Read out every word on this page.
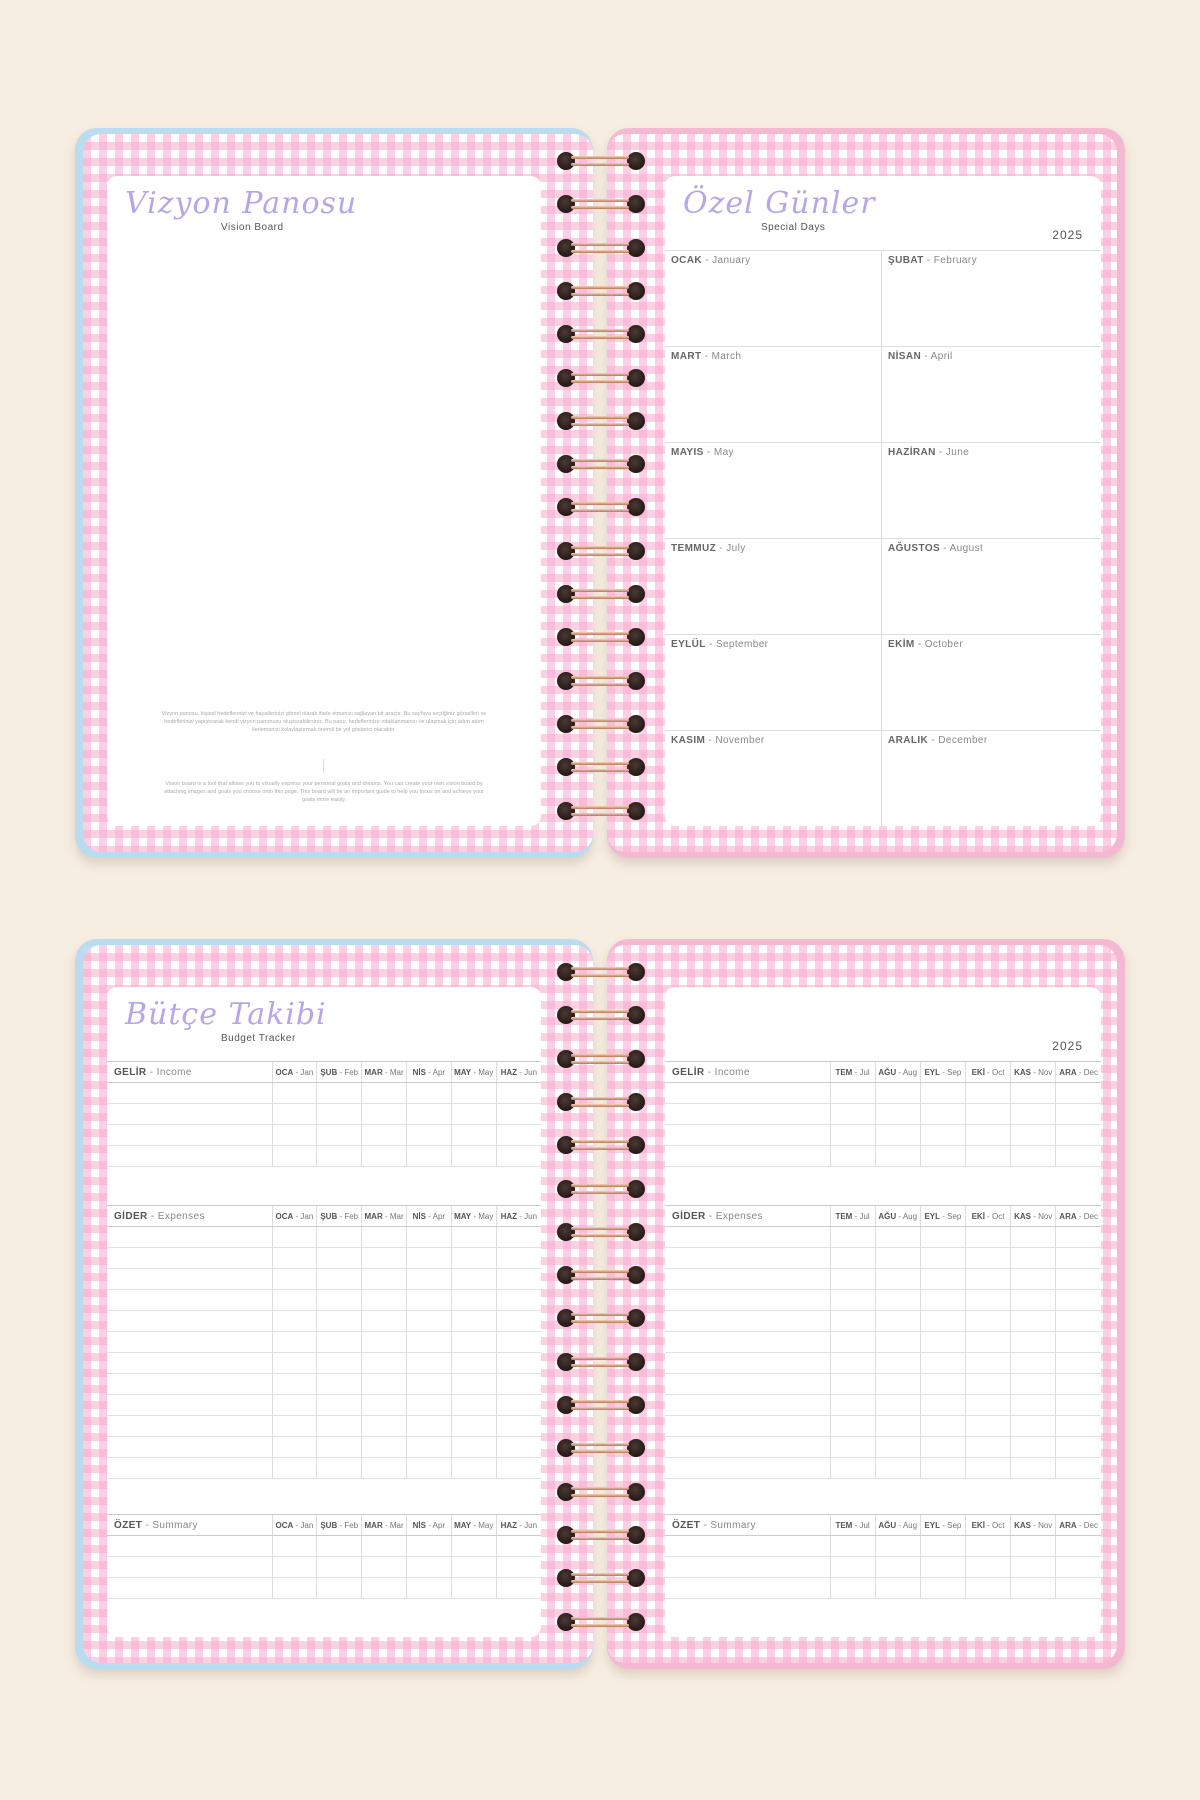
Vizyon Panosu
Vision Board
Vizyon panosu, kişisel hedeflerinizi ve hayallerinizi görsel olarak ifade etmenizi sağlayan bir araçtır. Bu sayfaya seçtiğiniz görselleri ve hedeflerinizi yapıştırarak kendi vizyon panonuzu oluşturabilirsiniz. Bu pano, hedeflerinize odaklanmanızı ve ulaşmak için adım adım ilerlemenizi kolaylaştırmak önemli bir yol gösterici olacaktır.
Vision board is a tool that allows you to visually express your personal goals and dreams. You can create your own vision board by attaching images and goals you choose onto this page. This board will be an important guide to help you focus on and achieve your goals more easily.
Özel Günler
Special Days
2025
OCAK - January	ŞUBAT - February
MART - March	NİSAN - April
MAYIS - May	HAZİRAN - June
TEMMUZ - July	AĞUSTOS - August
EYLÜL - September	EKİM - October
KASIM - November	ARALIK - December
Bütçe Takibi
Budget Tracker
GELİR - Income	OCA - Jan	ŞUB - Feb	MAR - Mar	NİS - Apr	MAY - May	HAZ - Jun

GİDER - Expenses	OCA - Jan	ŞUB - Feb	MAR - Mar	NİS - Apr	MAY - May	HAZ - Jun

ÖZET - Summary	OCA - Jan	ŞUB - Feb	MAR - Mar	NİS - Apr	MAY - May	HAZ - Jun

2025
GELİR - Income	TEM - Jul	AĞU - Aug	EYL - Sep	EKİ - Oct	KAS - Nov	ARA - Dec

GİDER - Expenses	TEM - Jul	AĞU - Aug	EYL - Sep	EKİ - Oct	KAS - Nov	ARA - Dec

ÖZET - Summary	TEM - Jul	AĞU - Aug	EYL - Sep	EKİ - Oct	KAS - Nov	ARA - Dec
